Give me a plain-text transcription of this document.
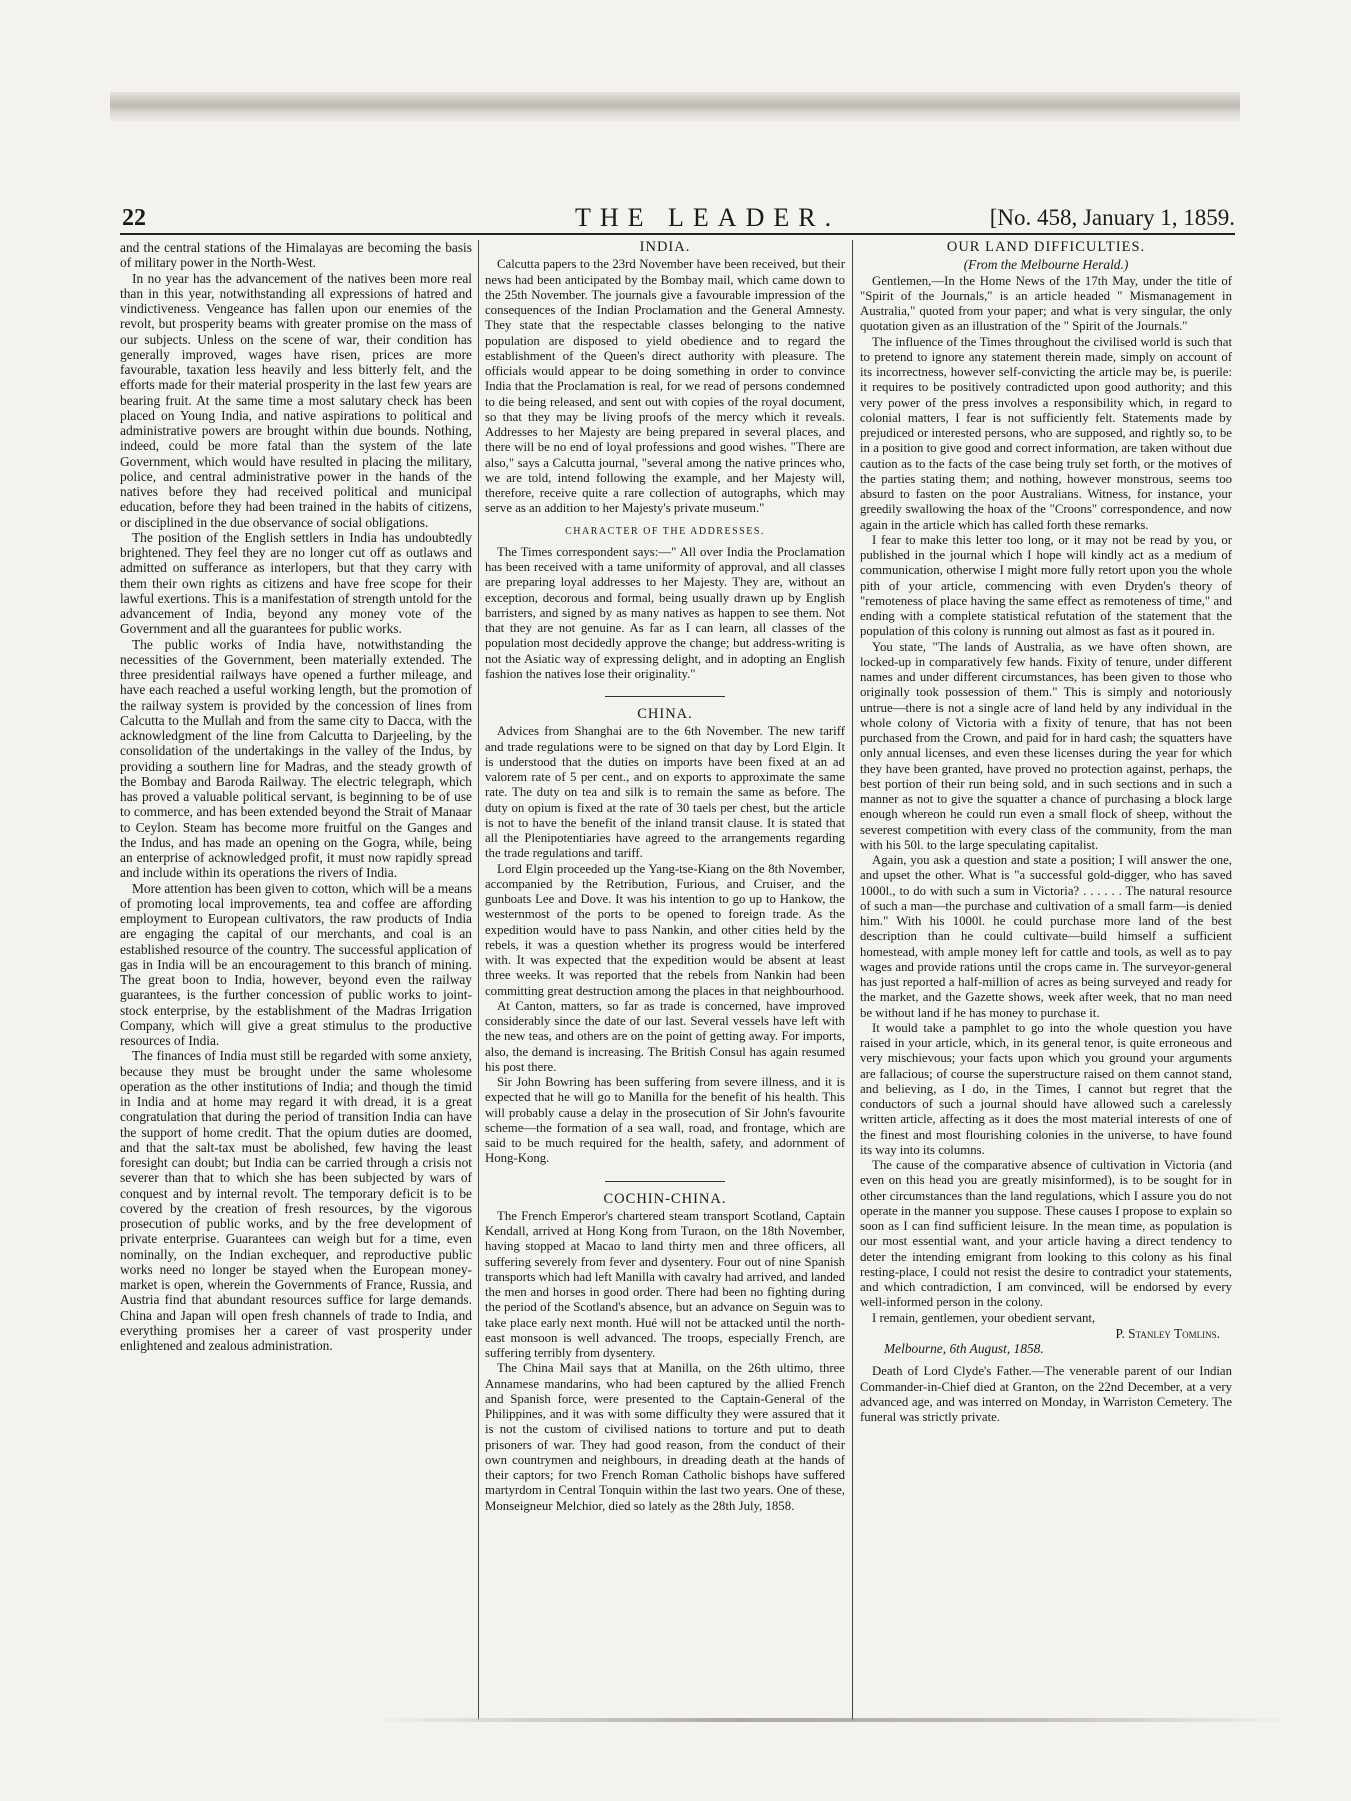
22	THE LEADER.	[No. 458, January 1, 1859.

and the central stations of the Himalayas are becoming the basis of military power in the North-West.

In no year has the advancement of the natives been more real than in this year, notwithstanding all expressions of hatred and vindictiveness. Vengeance has fallen upon our enemies of the revolt, but prosperity beams with greater promise on the mass of our subjects. Unless on the scene of war, their condition has generally improved, wages have risen, prices are more favourable, taxation less heavily and less bitterly felt, and the efforts made for their material prosperity in the last few years are bearing fruit. At the same time a most salutary check has been placed on Young India, and native aspirations to political and administrative powers are brought within due bounds. Nothing, indeed, could be more fatal than the system of the late Government, which would have resulted in placing the military, police, and central administrative power in the hands of the natives before they had received political and municipal education, before they had been trained in the habits of citizens, or disciplined in the due observance of social obligations.

The position of the English settlers in India has undoubtedly brightened. They feel they are no longer cut off as outlaws and admitted on sufferance as interlopers, but that they carry with them their own rights as citizens and have free scope for their lawful exertions. This is a manifestation of strength untold for the advancement of India, beyond any money vote of the Government and all the guarantees for public works.

The public works of India have, notwithstanding the necessities of the Government, been materially extended. The three presidential railways have opened a further mileage, and have each reached a useful working length, but the promotion of the railway system is provided by the concession of lines from Calcutta to the Mullah and from the same city to Dacca, with the acknowledgment of the line from Calcutta to Darjeeling, by the consolidation of the undertakings in the valley of the Indus, by providing a southern line for Madras, and the steady growth of the Bombay and Baroda Railway. The electric telegraph, which has proved a valuable political servant, is beginning to be of use to commerce, and has been extended beyond the Strait of Manaar to Ceylon. Steam has become more fruitful on the Ganges and the Indus, and has made an opening on the Gogra, while, being an enterprise of acknowledged profit, it must now rapidly spread and include within its operations the rivers of India.

More attention has been given to cotton, which will be a means of promoting local improvements, tea and coffee are affording employment to European cultivators, the raw products of India are engaging the capital of our merchants, and coal is an established resource of the country. The successful application of gas in India will be an encouragement to this branch of mining. The great boon to India, however, beyond even the railway guarantees, is the further concession of public works to joint-stock enterprise, by the establishment of the Madras Irrigation Company, which will give a great stimulus to the productive resources of India.

The finances of India must still be regarded with some anxiety, because they must be brought under the same wholesome operation as the other institutions of India; and though the timid in India and at home may regard it with dread, it is a great congratulation that during the period of transition India can have the support of home credit. That the opium duties are doomed, and that the salt-tax must be abolished, few having the least foresight can doubt; but India can be carried through a crisis not severer than that to which she has been subjected by wars of conquest and by internal revolt. The temporary deficit is to be covered by the creation of fresh resources, by the vigorous prosecution of public works, and by the free development of private enterprise. Guarantees can weigh but for a time, even nominally, on the Indian exchequer, and reproductive public works need no longer be stayed when the European money-market is open, wherein the Governments of France, Russia, and Austria find that abundant resources suffice for large demands. China and Japan will open fresh channels of trade to India, and everything promises her a career of vast prosperity under enlightened and zealous administration.

INDIA.

Calcutta papers to the 23rd November have been received, but their news had been anticipated by the Bombay mail, which came down to the 25th November. The journals give a favourable impression of the consequences of the Indian Proclamation and the General Amnesty. They state that the respectable classes belonging to the native population are disposed to yield obedience and to regard the establishment of the Queen's direct authority with pleasure. The officials would appear to be doing something in order to convince India that the Proclamation is real, for we read of persons condemned to die being released, and sent out with copies of the royal document, so that they may be living proofs of the mercy which it reveals. Addresses to her Majesty are being prepared in several places, and there will be no end of loyal professions and good wishes. "There are also," says a Calcutta journal, "several among the native princes who, we are told, intend following the example, and her Majesty will, therefore, receive quite a rare collection of autographs, which may serve as an addition to her Majesty's private museum."

CHARACTER OF THE ADDRESSES.

The Times correspondent says:—" All over India the Proclamation has been received with a tame uniformity of approval, and all classes are preparing loyal addresses to her Majesty. They are, without an exception, decorous and formal, being usually drawn up by English barristers, and signed by as many natives as happen to see them. Not that they are not genuine. As far as I can learn, all classes of the population most decidedly approve the change; but address-writing is not the Asiatic way of expressing delight, and in adopting an English fashion the natives lose their originality."

CHINA.

Advices from Shanghai are to the 6th November. The new tariff and trade regulations were to be signed on that day by Lord Elgin. It is understood that the duties on imports have been fixed at an ad valorem rate of 5 per cent., and on exports to approximate the same rate. The duty on tea and silk is to remain the same as before. The duty on opium is fixed at the rate of 30 taels per chest, but the article is not to have the benefit of the inland transit clause. It is stated that all the Plenipotentiaries have agreed to the arrangements regarding the trade regulations and tariff.

Lord Elgin proceeded up the Yang-tse-Kiang on the 8th November, accompanied by the Retribution, Furious, and Cruiser, and the gunboats Lee and Dove. It was his intention to go up to Hankow, the westernmost of the ports to be opened to foreign trade. As the expedition would have to pass Nankin, and other cities held by the rebels, it was a question whether its progress would be interfered with. It was expected that the expedition would be absent at least three weeks. It was reported that the rebels from Nankin had been committing great destruction among the places in that neighbourhood.

At Canton, matters, so far as trade is concerned, have improved considerably since the date of our last. Several vessels have left with the new teas, and others are on the point of getting away. For imports, also, the demand is increasing. The British Consul has again resumed his post there.

Sir John Bowring has been suffering from severe illness, and it is expected that he will go to Manilla for the benefit of his health. This will probably cause a delay in the prosecution of Sir John's favourite scheme—the formation of a sea wall, road, and frontage, which are said to be much required for the health, safety, and adornment of Hong-Kong.

COCHIN-CHINA.

The French Emperor's chartered steam transport Scotland, Captain Kendall, arrived at Hong Kong from Turaon, on the 18th November, having stopped at Macao to land thirty men and three officers, all suffering severely from fever and dysentery. Four out of nine Spanish transports which had left Manilla with cavalry had arrived, and landed the men and horses in good order. There had been no fighting during the period of the Scotland's absence, but an advance on Seguin was to take place early next month. Hué will not be attacked until the north-east monsoon is well advanced. The troops, especially French, are suffering terribly from dysentery.

The China Mail says that at Manilla, on the 26th ultimo, three Annamese mandarins, who had been captured by the allied French and Spanish force, were presented to the Captain-General of the Philippines, and it was with some difficulty they were assured that it is not the custom of civilised nations to torture and put to death prisoners of war. They had good reason, from the conduct of their own countrymen and neighbours, in dreading death at the hands of their captors; for two French Roman Catholic bishops have suffered martyrdom in Central Tonquin within the last two years. One of these, Monseigneur Melchior, died so lately as the 28th July, 1858.

OUR LAND DIFFICULTIES.
(From the Melbourne Herald.)

Gentlemen,—In the Home News of the 17th May, under the title of "Spirit of the Journals," is an article headed " Mismanagement in Australia," quoted from your paper; and what is very singular, the only quotation given as an illustration of the " Spirit of the Journals."

The influence of the Times throughout the civilised world is such that to pretend to ignore any statement therein made, simply on account of its incorrectness, however self-convicting the article may be, is puerile: it requires to be positively contradicted upon good authority; and this very power of the press involves a responsibility which, in regard to colonial matters, I fear is not sufficiently felt. Statements made by prejudiced or interested persons, who are supposed, and rightly so, to be in a position to give good and correct information, are taken without due caution as to the facts of the case being truly set forth, or the motives of the parties stating them; and nothing, however monstrous, seems too absurd to fasten on the poor Australians. Witness, for instance, your greedily swallowing the hoax of the "Croons" correspondence, and now again in the article which has called forth these remarks.

I fear to make this letter too long, or it may not be read by you, or published in the journal which I hope will kindly act as a medium of communication, otherwise I might more fully retort upon you the whole pith of your article, commencing with even Dryden's theory of "remoteness of place having the same effect as remoteness of time," and ending with a complete statistical refutation of the statement that the population of this colony is running out almost as fast as it poured in.

You state, "The lands of Australia, as we have often shown, are locked-up in comparatively few hands. Fixity of tenure, under different names and under different circumstances, has been given to those who originally took possession of them." This is simply and notoriously untrue—there is not a single acre of land held by any individual in the whole colony of Victoria with a fixity of tenure, that has not been purchased from the Crown, and paid for in hard cash; the squatters have only annual licenses, and even these licenses during the year for which they have been granted, have proved no protection against, perhaps, the best portion of their run being sold, and in such sections and in such a manner as not to give the squatter a chance of purchasing a block large enough whereon he could run even a small flock of sheep, without the severest competition with every class of the community, from the man with his 50l. to the large speculating capitalist.

Again, you ask a question and state a position; I will answer the one, and upset the other. What is "a successful gold-digger, who has saved 1000l., to do with such a sum in Victoria? . . . . . . The natural resource of such a man—the purchase and cultivation of a small farm—is denied him." With his 1000l. he could purchase more land of the best description than he could cultivate—build himself a sufficient homestead, with ample money left for cattle and tools, as well as to pay wages and provide rations until the crops came in. The surveyor-general has just reported a half-million of acres as being surveyed and ready for the market, and the Gazette shows, week after week, that no man need be without land if he has money to purchase it.

It would take a pamphlet to go into the whole question you have raised in your article, which, in its general tenor, is quite erroneous and very mischievous; your facts upon which you ground your arguments are fallacious; of course the superstructure raised on them cannot stand, and believing, as I do, in the Times, I cannot but regret that the conductors of such a journal should have allowed such a carelessly written article, affecting as it does the most material interests of one of the finest and most flourishing colonies in the universe, to have found its way into its columns.

The cause of the comparative absence of cultivation in Victoria (and even on this head you are greatly misinformed), is to be sought for in other circumstances than the land regulations, which I assure you do not operate in the manner you suppose. These causes I propose to explain so soon as I can find sufficient leisure. In the mean time, as population is our most essential want, and your article having a direct tendency to deter the intending emigrant from looking to this colony as his final resting-place, I could not resist the desire to contradict your statements, and which contradiction, I am convinced, will be endorsed by every well-informed person in the colony.

I remain, gentlemen, your obedient servant,

P. Stanley Tomlins.
Melbourne, 6th August, 1858.

Death of Lord Clyde's Father.—The venerable parent of our Indian Commander-in-Chief died at Granton, on the 22nd December, at a very advanced age, and was interred on Monday, in Warriston Cemetery. The funeral was strictly private.
